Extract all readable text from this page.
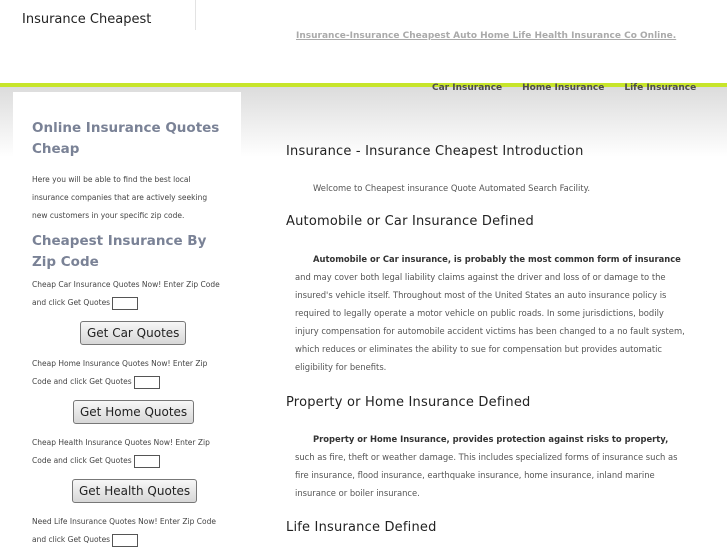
Insurance Cheapest
Insurance-Insurance Cheapest Auto Home Life Health Insurance Co Online.
Car Insurance Home Insurance Life Insurance
Online Insurance Quotes Cheap

Here you will be able to find the best local insurance companies that are actively seeking new customers in your specific zip code.

Cheapest Insurance By Zip Code

Cheap Car Insurance Quotes Now! Enter Zip Code and click Get Quotes

Get Car Quotes

Cheap Home Insurance Quotes Now! Enter Zip Code and click Get Quotes

Get Home Quotes

Cheap Health Insurance Quotes Now! Enter Zip Code and click Get Quotes

Get Health Quotes

Need Life Insurance Quotes Now! Enter Zip Code and click Get Quotes

Insurance - Insurance Cheapest Introduction

Welcome to Cheapest insurance Quote Automated Search Facility.

Automobile or Car Insurance Defined

Automobile or Car insurance, is probably the most common form of insurance and may cover both legal liability claims against the driver and loss of or damage to the insured's vehicle itself. Throughout most of the United States an auto insurance policy is required to legally operate a motor vehicle on public roads. In some jurisdictions, bodily injury compensation for automobile accident victims has been changed to a no fault system, which reduces or eliminates the ability to sue for compensation but provides automatic eligibility for benefits.

Property or Home Insurance Defined

Property or Home Insurance, provides protection against risks to property, such as fire, theft or weather damage. This includes specialized forms of insurance such as fire insurance, flood insurance, earthquake insurance, home insurance, inland marine insurance or boiler insurance.

Life Insurance Defined
